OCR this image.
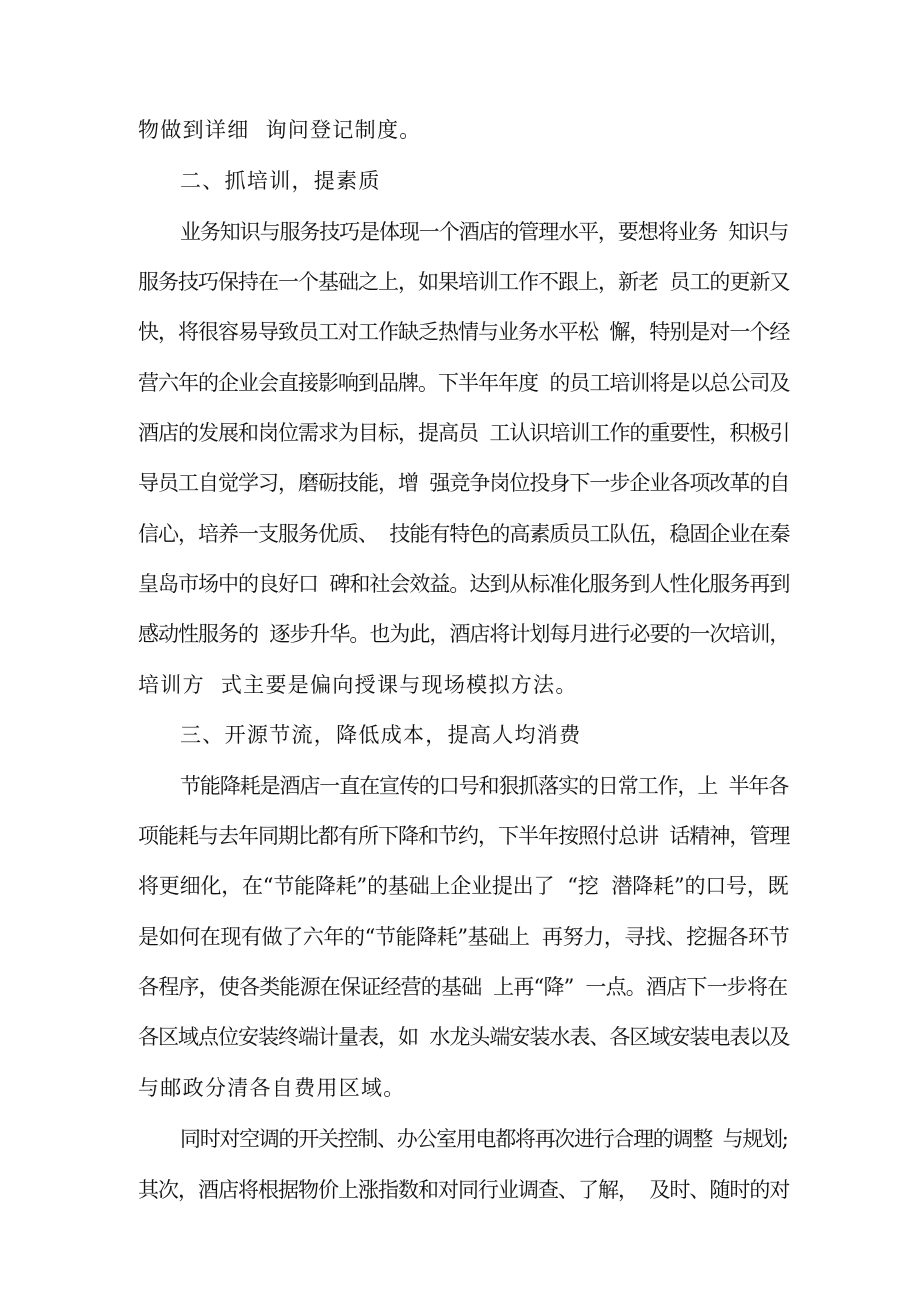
物做到详细  询问登记制度。
二、抓培训，提素质
业务知识与服务技巧是体现一个酒店的管理水平，要想将业务  知识与
服务技巧保持在一个基础之上，如果培训工作不跟上，新老  员工的更新又
快，将很容易导致员工对工作缺乏热情与业务水平松  懈，特别是对一个经
营六年的企业会直接影响到品牌。下半年年度  的员工培训将是以总公司及
酒店的发展和岗位需求为目标，提高员  工认识培训工作的重要性，积极引
导员工自觉学习，磨砺技能，增  强竞争岗位投身下一步企业各项改革的自
信心，培养一支服务优质、  技能有特色的高素质员工队伍，稳固企业在秦
皇岛市场中的良好口  碑和社会效益。达到从标准化服务到人性化服务再到
感动性服务的  逐步升华。也为此，酒店将计划每月进行必要的一次培训，
培训方  式主要是偏向授课与现场模拟方法。
三、开源节流，降低成本，提高人均消费
节能降耗是酒店一直在宣传的口号和狠抓落实的日常工作，上  半年各
项能耗与去年同期比都有所下降和节约，下半年按照付总讲  话精神，管理
将更细化，在“节能降耗”的基础上企业提出了  “挖  潜降耗”的口号，既
是如何在现有做了六年的“节能降耗”基础上  再努力，寻找、挖掘各环节
各程序，使各类能源在保证经营的基础  上再“降”  一点。酒店下一步将在
各区域点位安装终端计量表，如  水龙头端安装水表、各区域安装电表以及
与邮政分清各自费用区域。
同时对空调的开关控制、办公室用电都将再次进行合理的调整  与规划;
其次，酒店将根据物价上涨指数和对同行业调查、了解，  及时、随时的对
